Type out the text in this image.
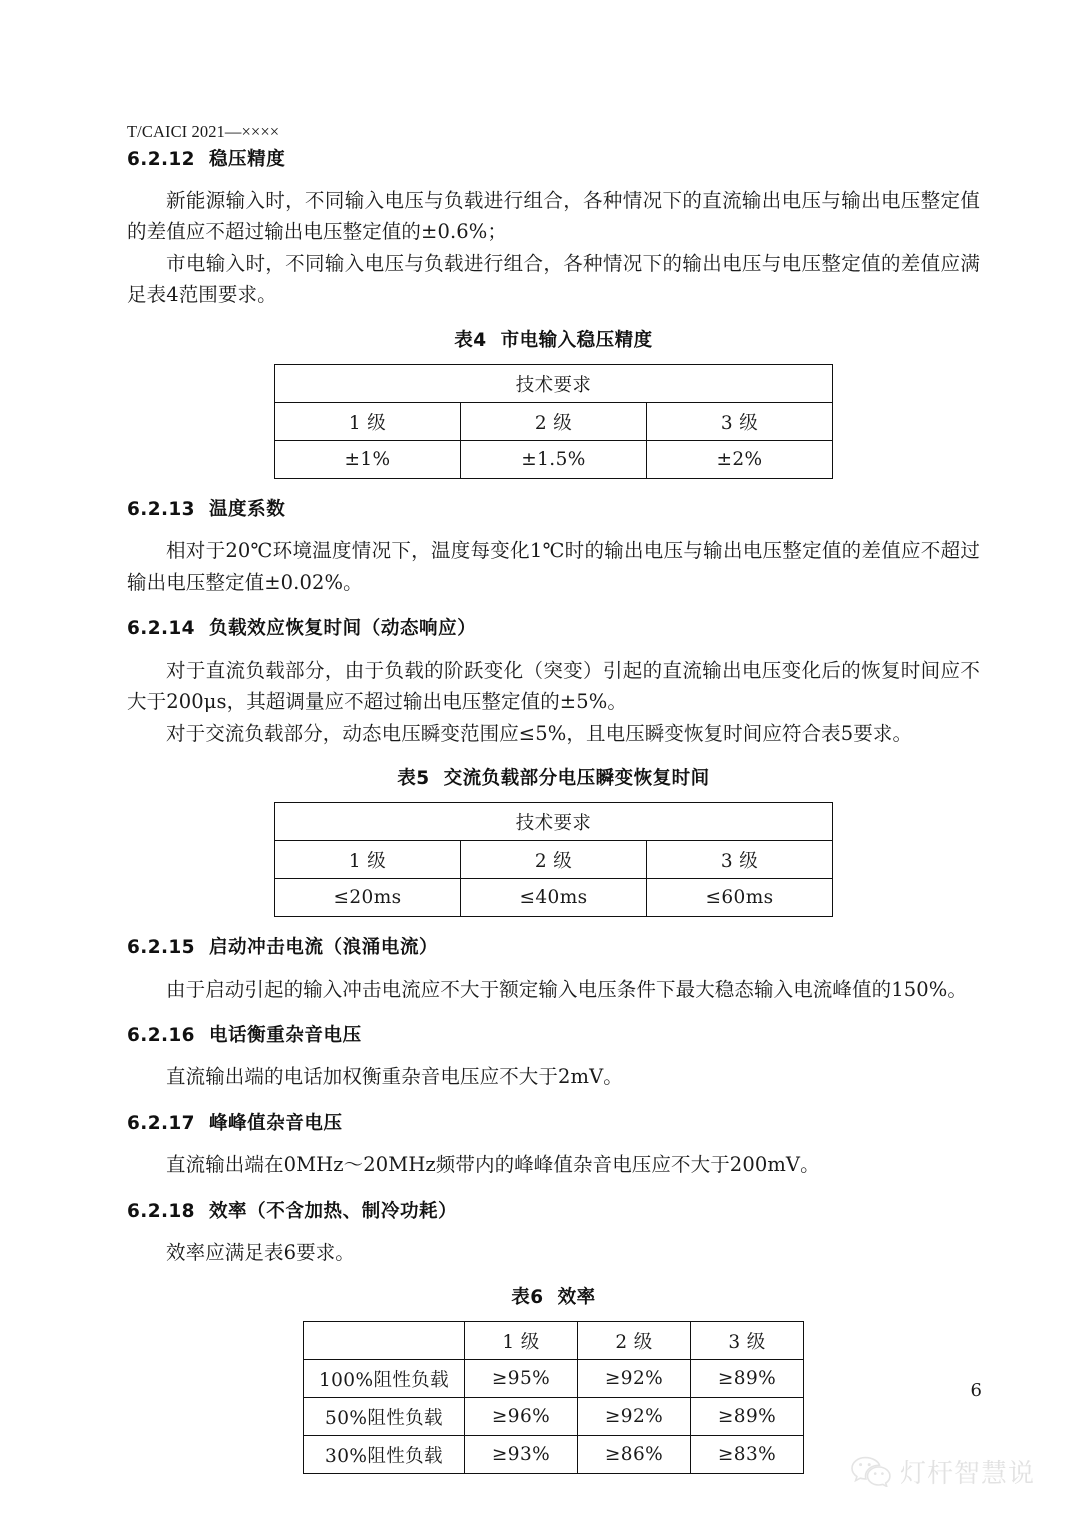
T/CAICI 2021—××××
6.2.12 稳压精度

新能源输入时，不同输入电压与负载进行组合，各种情况下的直流输出电压与输出电压整定值的差值应不超过输出电压整定值的±0.6%；

市电输入时，不同输入电压与负载进行组合，各种情况下的输出电压与电压整定值的差值应满足表4范围要求。

表4 市电输入稳压精度
技术要求		
1 级	2 级	3 级
±1%	±1.5%	±2%
6.2.13 温度系数

相对于20℃环境温度情况下，温度每变化1℃时的输出电压与输出电压整定值的差值应不超过输出电压整定值±0.02%。

6.2.14 负载效应恢复时间（动态响应）

对于直流负载部分，由于负载的阶跃变化（突变）引起的直流输出电压变化后的恢复时间应不大于200μs，其超调量应不超过输出电压整定值的±5%。

对于交流负载部分，动态电压瞬变范围应≤5%，且电压瞬变恢复时间应符合表5要求。

表5 交流负载部分电压瞬变恢复时间
技术要求		
1 级	2 级	3 级
≤20ms	≤40ms	≤60ms
6.2.15 启动冲击电流（浪涌电流）

由于启动引起的输入冲击电流应不大于额定输入电压条件下最大稳态输入电流峰值的150%。

6.2.16 电话衡重杂音电压

直流输出端的电话加权衡重杂音电压应不大于2mV。

6.2.17 峰峰值杂音电压

直流输出端在0MHz～20MHz频带内的峰峰值杂音电压应不大于200mV。

6.2.18 效率（不含加热、制冷功耗）

效率应满足表6要求。

表6 效率
	1 级	2 级	3 级
100%阻性负载	≥95%	≥92%	≥89%
50%阻性负载	≥96%	≥92%	≥89%
30%阻性负载	≥93%	≥86%	≥83%
6
灯杆智慧说
